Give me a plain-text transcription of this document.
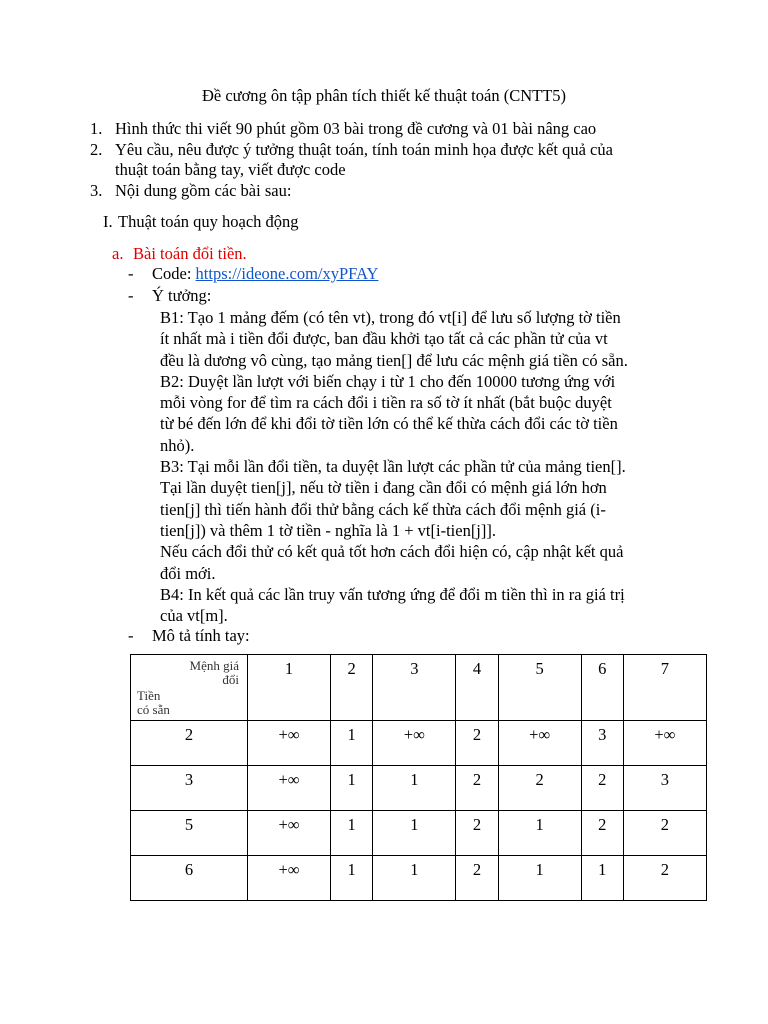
Đề cương ôn tập phân tích thiết kế thuật toán (CNTT5)
1. Hình thức thi viết 90 phút gồm 03 bài trong đề cương và 01 bài nâng cao
2. Yêu cầu, nêu được ý tưởng thuật toán, tính toán minh họa được kết quả của
thuật toán bằng tay, viết được code
3. Nội dung gồm các bài sau:
I. Thuật toán quy hoạch động
a. Bài toán đổi tiền.
- Code: https://ideone.com/xyPFAY
- Ý tưởng:
B1: Tạo 1 mảng đếm (có tên vt), trong đó vt[i] để lưu số lượng tờ tiền
ít nhất mà i tiền đổi được, ban đầu khởi tạo tất cả các phần tử của vt
đều là dương vô cùng, tạo mảng tien[] để lưu các mệnh giá tiền có sẵn.
B2: Duyệt lần lượt với biến chạy i từ 1 cho đến 10000 tương ứng với
mỗi vòng for để tìm ra cách đổi i tiền ra số tờ ít nhất (bắt buộc duyệt
từ bé đến lớn để khi đổi tờ tiền lớn có thể kế thừa cách đổi các tờ tiền
nhỏ).
B3: Tại mỗi lần đổi tiền, ta duyệt lần lượt các phần tử của mảng tien[].
Tại lần duyệt tien[j], nếu tờ tiền i đang cần đổi có mệnh giá lớn hơn
tien[j] thì tiến hành đổi thử bằng cách kế thừa cách đổi mệnh giá (i-
tien[j]) và thêm 1 tờ tiền - nghĩa là 1 + vt[i-tien[j]].
Nếu cách đổi thử có kết quả tốt hơn cách đổi hiện có, cập nhật kết quả
đổi mới.
B4: In kết quả các lần truy vấn tương ứng để đổi m tiền thì in ra giá trị
của vt[m].
- Mô tả tính tay:
Mệnh giá
đổi
Tiền
có sẵn	1	2	3	4	5	6	7
2	+∞	1	+∞	2	+∞	3	+∞
3	+∞	1	1	2	2	2	3
5	+∞	1	1	2	1	2	2
6	+∞	1	1	2	1	1	2
